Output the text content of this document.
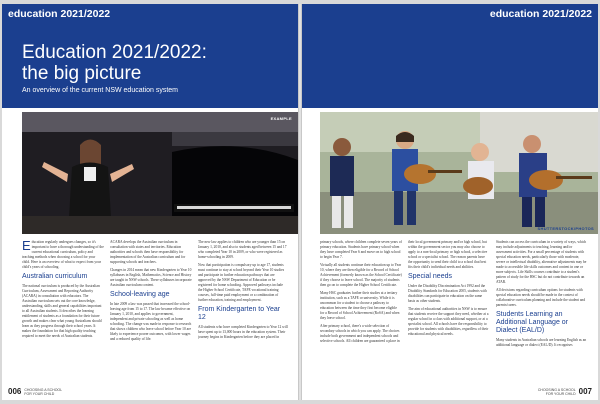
education 2021/2022
Education 2021/2022:
the big picture

An overview of the current NSW education system

EXAMPLE

Education regularly undergoes changes, so it's important to have a thorough understanding of the current educational curriculum, policy and teaching methods when choosing a school for your child. Here is an overview of what to expect from your child's years of schooling.

Australian curriculum

The national curriculum is produced by the Australian Curriculum, Assessment and Reporting Authority (ACARA) in consultation with educators. The Australian curriculum sets out the core knowledge, understanding, skills and general capabilities important to all Australian students. It describes the learning entitlement of students as a foundation for their future growth and makes clear what young Australians should learn as they progress through their school years. It makes the foundation for that high quality teaching required to meet the needs of Australian students.

ACARA develops the Australian curriculum in consultation with states and territories. Education authorities and schools then have responsibility for implementation of the Australian curriculum and for supporting schools and teachers.

Changes in 2014 mean that new Kindergarten to Year 10 syllabuses in English, Mathematics, Science and History are taught in NSW schools. These syllabuses incorporate Australian curriculum content.

School-leaving age

In late 2009 a law was passed that increased the school-leaving age from 15 to 17. The law became effective on January 1, 2010, and applies to government, independent and private schooling as well as home schooling. The change was made in response to research that shows children who leave school before Year 10 are likely to experience poorer outcomes, with lower wages and a reduced quality of life.

The new law applies to children who are younger than 15 on January 1, 2010, and also to students aged between 15 and 17 who completed Year 10 in 2009, or who were registered as home-schooling in 2009.

Now that participation is compulsory up to age 17, students must continue to stay at school beyond their Year 10 studies and participate in further education pathways that are approved by the NSW Department of Education or be registered for home schooling. Approved pathways include the Higher School Certificate, TAFE vocational training courses, full-time paid employment or a combination of further education, training and employment.

From Kindergarten to Year 12

All students who have completed Kindergarten to Year 12 will have spent up to 13,000 hours in the education system. Their journey begins in Kindergarten before they are placed in

006 CHOOSING A SCHOOL FOR YOUR CHILD
education 2021/2022
SHUTTERSTOCK/PHOTOS

primary schools, where children complete seven years of primary education. Students have primary school when they have completed Year 6 and move on to high school to begin Year 7.

Virtually all students continue their education up to Year 10, where they are then eligible for a Record of School Achievement (formerly known as the School Certificate) if they choose to leave school. The majority of students then go on to complete the Higher School Certificate.

Many HSC graduates further their studies at a tertiary institution, such as a TAFE or university. While it is uncommon for a student to choose a pathway to education between the time they first become eligible for a Record of School Achievement (RoSA) and when they leave school.

After primary school, there's a wide selection of secondary schools in which you can apply. The choices include both government and independent schools and selective schools. All children are guaranteed a place in

their local government primary and/or high school, but within the government sector you may also choose to apply to a non-local primary or high school, a selective school or a specialist school. The reason parents have the opportunity to send their child to a school that best fits their child's individual needs and abilities.

Special needs

Under the Disability Discrimination Act 1992 and the Disability Standards for Education 2005, students with disabilities can participate in education on the same basis as other students.

The aim of educational authorities in NSW is to ensure that students receive the support they need, whether at a regular school in a class with additional support, or at a specialist school. All schools have the responsibility to provide for students with disabilities, regardless of their educational and physical needs.

Students can access the curriculum in a variety of ways, which may include adjustments to teaching, learning and/or assessment activities. For a small percentage of students with special education needs, particularly those with moderate, severe or intellectual disability, alternative adjustments may be made to accessible life skills outcomes and content in one or more subjects. Life Skills courses contribute to a student's pattern of study for the HSC but do not contribute towards an ATAR.

All decisions regarding curriculum options for students with special education needs should be made in the context of collaborative curriculum planning and include the student and parents/carers.

Students Learning an Additional Language or Dialect (EAL/D)

Many students in Australian schools are learning English as an additional language or dialect (EAL/D). It recognises

CHOOSING A SCHOOL FOR YOUR CHILD 007
